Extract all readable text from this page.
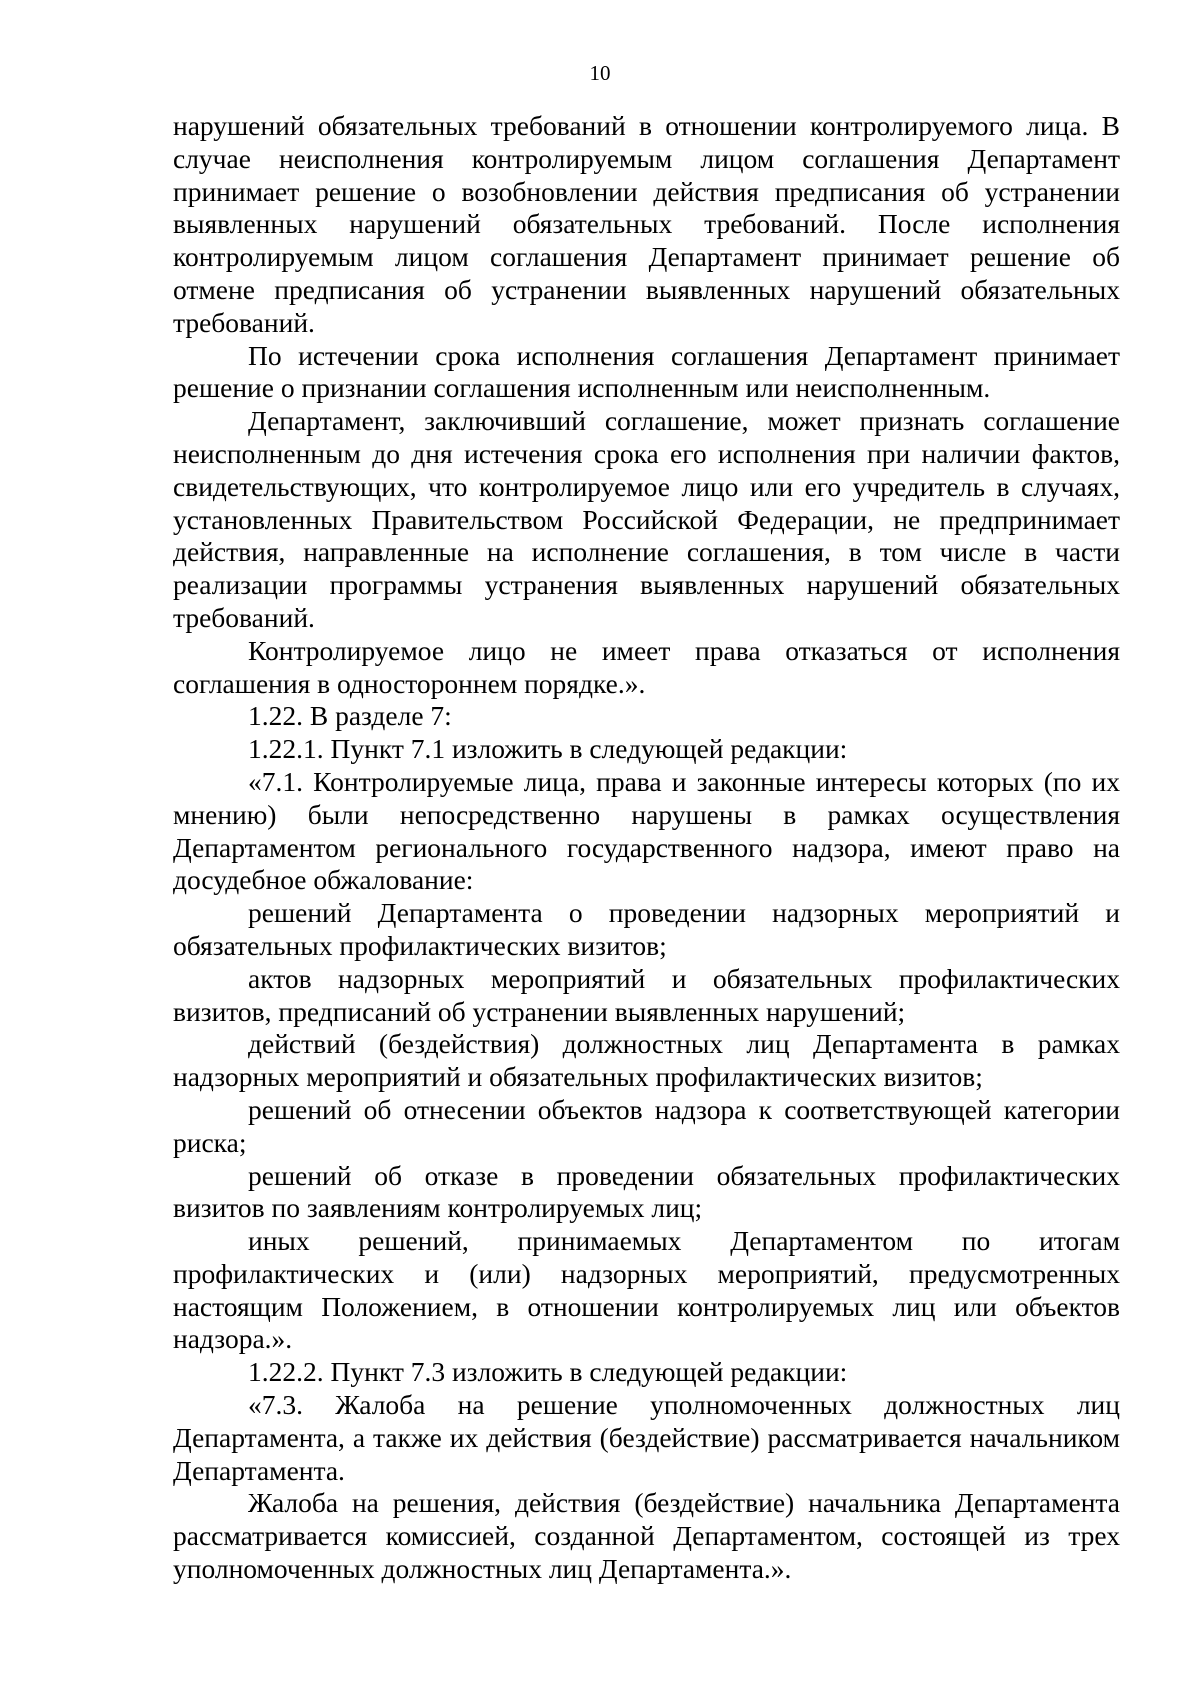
10

нарушений обязательных требований в отношении контролируемого лица. В случае неисполнения контролируемым лицом соглашения Департамент принимает решение о возобновлении действия предписания об устранении выявленных нарушений обязательных требований. После исполнения контролируемым лицом соглашения Департамент принимает решение об отмене предписания об устранении выявленных нарушений обязательных требований.

По истечении срока исполнения соглашения Департамент принимает решение о признании соглашения исполненным или неисполненным.

Департамент, заключивший соглашение, может признать соглашение неисполненным до дня истечения срока его исполнения при наличии фактов, свидетельствующих, что контролируемое лицо или его учредитель в случаях, установленных Правительством Российской Федерации, не предпринимает действия, направленные на исполнение соглашения, в том числе в части реализации программы устранения выявленных нарушений обязательных требований.

Контролируемое лицо не имеет права отказаться от исполнения соглашения в одностороннем порядке.».

1.22. В разделе 7:

1.22.1. Пункт 7.1 изложить в следующей редакции:

«7.1. Контролируемые лица, права и законные интересы которых (по их мнению) были непосредственно нарушены в рамках осуществления Департаментом регионального государственного надзора, имеют право на досудебное обжалование:

решений Департамента о проведении надзорных мероприятий и обязательных профилактических визитов;

актов надзорных мероприятий и обязательных профилактических визитов, предписаний об устранении выявленных нарушений;

действий (бездействия) должностных лиц Департамента в рамках надзорных мероприятий и обязательных профилактических визитов;

решений об отнесении объектов надзора к соответствующей категории риска;

решений об отказе в проведении обязательных профилактических визитов по заявлениям контролируемых лиц;

иных решений, принимаемых Департаментом по итогам профилактических и (или) надзорных мероприятий, предусмотренных настоящим Положением, в отношении контролируемых лиц или объектов надзора.».

1.22.2. Пункт 7.3 изложить в следующей редакции:

«7.3. Жалоба на решение уполномоченных должностных лиц Департамента, а также их действия (бездействие) рассматривается начальником Департамента.

Жалоба на решения, действия (бездействие) начальника Департамента рассматривается комиссией, созданной Департаментом, состоящей из трех уполномоченных должностных лиц Департамента.».
